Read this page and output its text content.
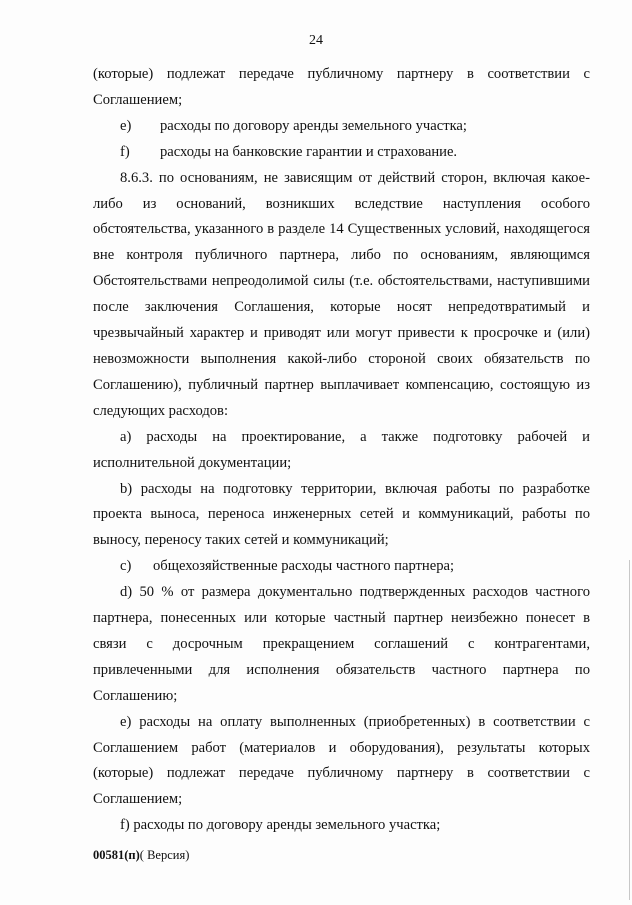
24

(которые) подлежат передаче публичному партнеру в соответствии с Соглашением;

e) расходы по договору аренды земельного участка;

f) расходы на банковские гарантии и страхование.

8.6.3. по основаниям, не зависящим от действий сторон, включая какое-либо из оснований, возникших вследствие наступления особого обстоятельства, указанного в разделе 14 Существенных условий, находящегося вне контроля публичного партнера, либо по основаниям, являющимся Обстоятельствами непреодолимой силы (т.е. обстоятельствами, наступившими после заключения Соглашения, которые носят непредотвратимый и чрезвычайный характер и приводят или могут привести к просрочке и (или) невозможности выполнения какой-либо стороной своих обязательств по Соглашению), публичный партнер выплачивает компенсацию, состоящую из следующих расходов:

a) расходы на проектирование, а также подготовку рабочей и исполнительной документации;

b) расходы на подготовку территории, включая работы по разработке проекта выноса, переноса инженерных сетей и коммуникаций, работы по выносу, переносу таких сетей и коммуникаций;

c) общехозяйственные расходы частного партнера;

d) 50 % от размера документально подтвержденных расходов частного партнера, понесенных или которые частный партнер неизбежно понесет в связи с досрочным прекращением соглашений с контрагентами, привлеченными для исполнения обязательств частного партнера по Соглашению;

e) расходы на оплату выполненных (приобретенных) в соответствии с Соглашением работ (материалов и оборудования), результаты которых (которые) подлежат передаче публичному партнеру в соответствии с Соглашением;

f) расходы по договору аренды земельного участка;

00581(п)( Версия)
